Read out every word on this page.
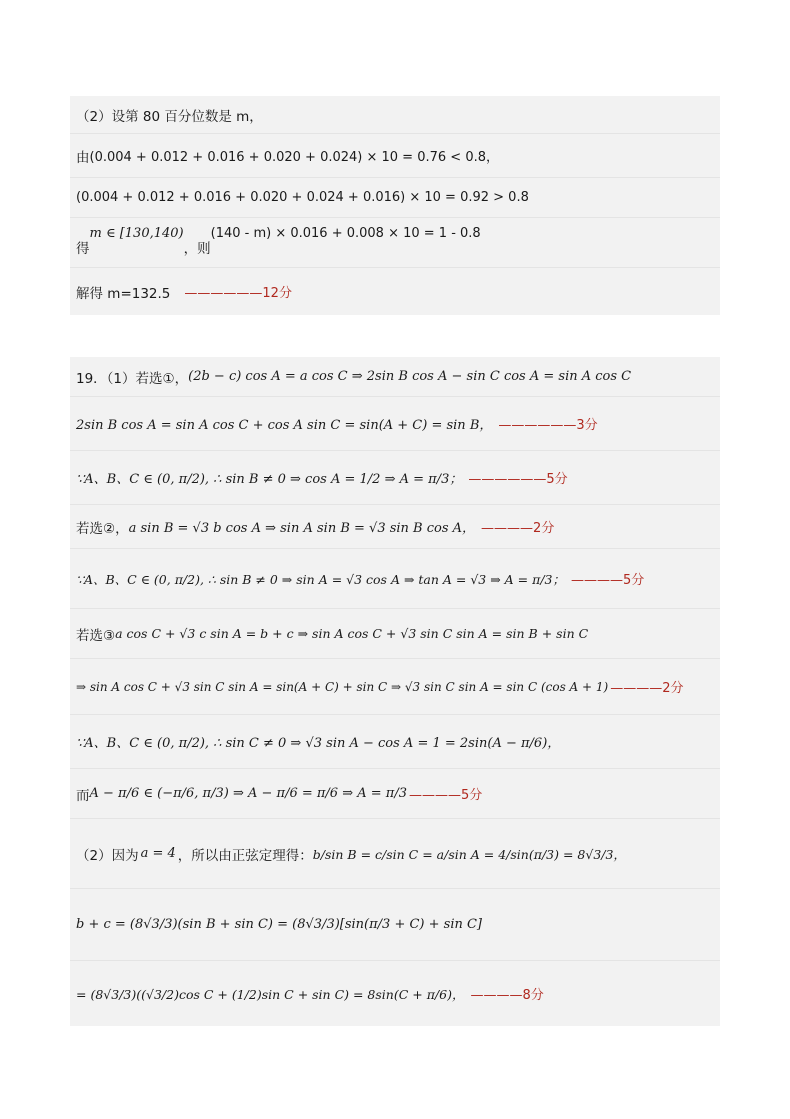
（2）设第 80 百分位数是 m，
由 (0.004 + 0.012 + 0.016 + 0.020 + 0.024) × 10 = 0.76 < 0.8，
(0.004 + 0.012 + 0.016 + 0.020 + 0.024 + 0.016) × 10 = 0.92 > 0.8
得
m ∈ [130,140)
，则
(140 - m) × 0.016 + 0.008 × 10 = 1 - 0.8
解得 m=132.5 ——————12分
19．（1）若选①， (2b − c) cos A = a cos C ⇒ 2sin B cos A − sin C cos A = sin A cos C
2sin B cos A = sin A cos C + cos A sin C = sin(A + C) = sin B， ——————3分
∵A、B、C ∈ (0, π/2), ∴ sin B ≠ 0 ⇒ cos A = 1/2 ⇒ A = π/3； ——————5分
若选②， a sin B = √3 b cos A ⇒ sin A sin B = √3 sin B cos A， ————2分
∵A、B、C ∈ (0, π/2), ∴ sin B ≠ 0 ⇒ sin A = √3 cos A ⇒ tan A = √3 ⇒ A = π/3； ————5分
若选③ a cos C + √3 c sin A = b + c ⇒ sin A cos C + √3 sin C sin A = sin B + sin C
⇒ sin A cos C + √3 sin C sin A = sin(A + C) + sin C ⇒ √3 sin C sin A = sin C (cos A + 1) ————2分
∵A、B、C ∈ (0, π/2), ∴ sin C ≠ 0 ⇒ √3 sin A − cos A = 1 = 2sin(A − π/6)，
而 A − π/6 ∈ (−π/6, π/3) ⇒ A − π/6 = π/6 ⇒ A = π/3 ————5分
（2）因为 a = 4 ，所以由正弦定理得： b/sin B = c/sin C = a/sin A = 4/sin(π/3) = 8√3/3，
b + c = (8√3/3)(sin B + sin C) = (8√3/3)[sin(π/3 + C) + sin C]
= (8√3/3)((√3/2)cos C + (1/2)sin C + sin C) = 8sin(C + π/6)， ————8分
